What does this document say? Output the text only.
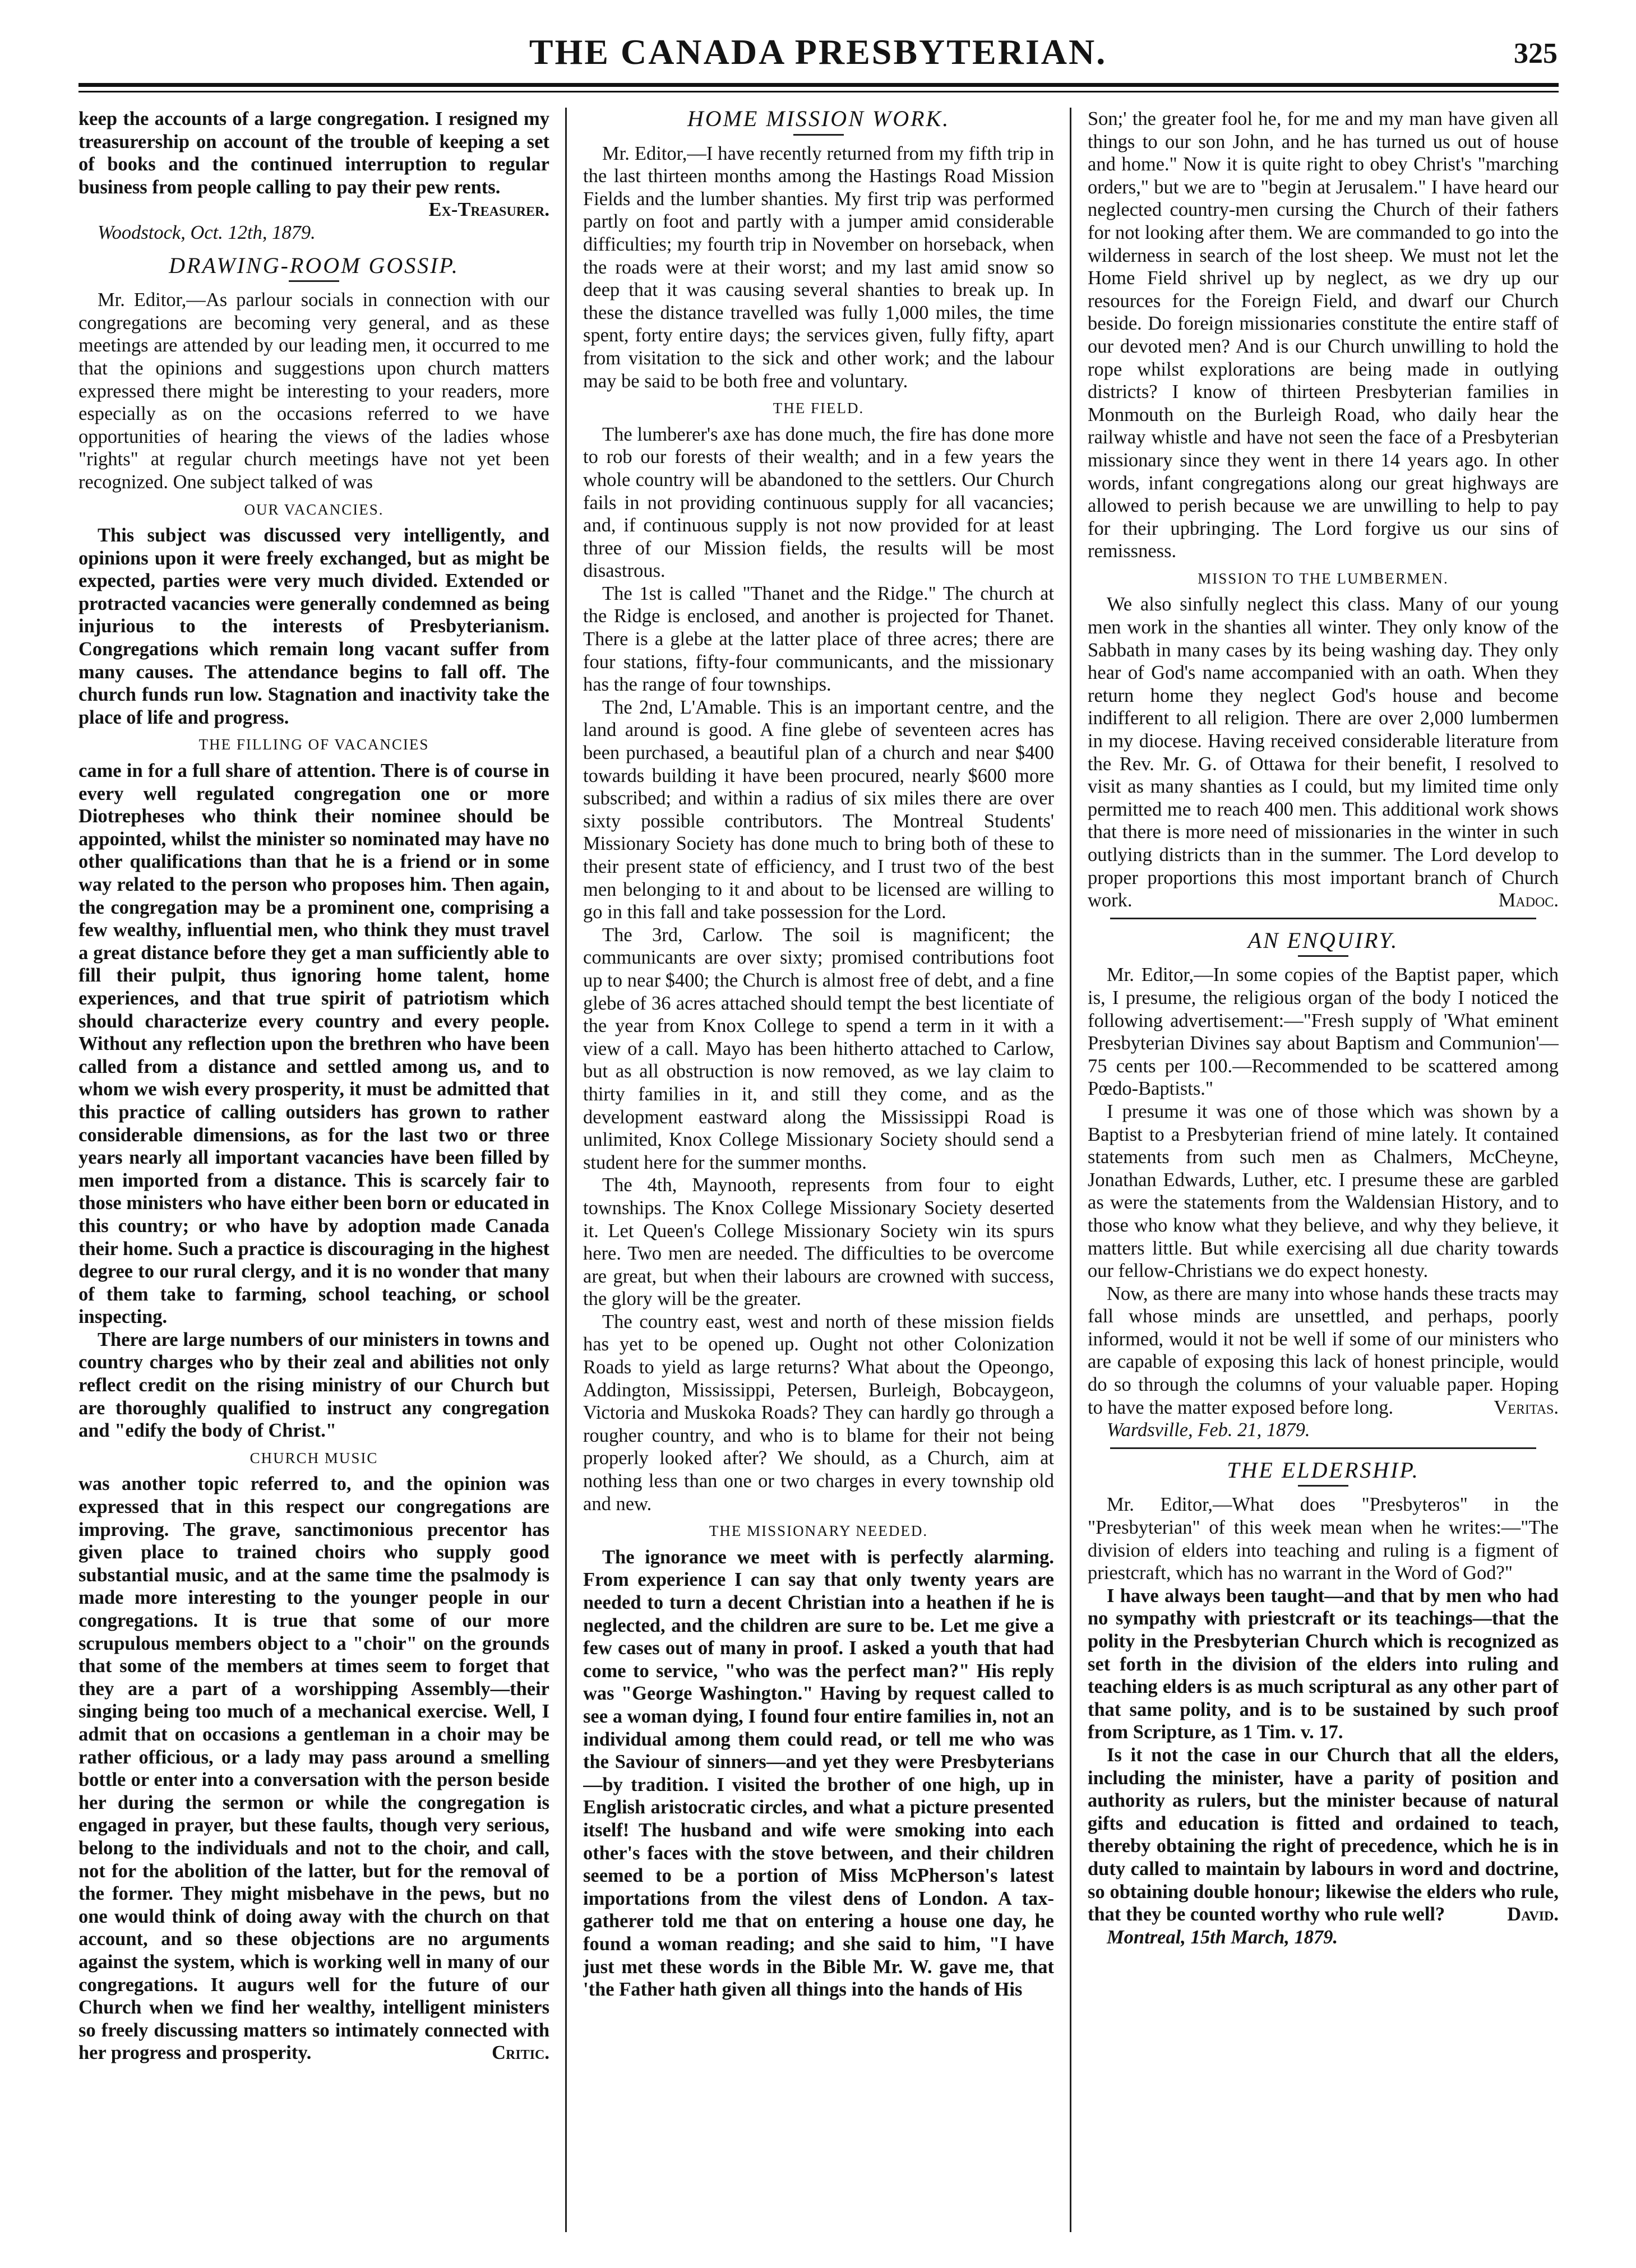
THE CANADA PRESBYTERIAN.	325

keep the accounts of a large congregation. I resigned my treasurership on account of the trouble of keeping a set of books and the continued interruption to regular business from people calling to pay their pew rents.
Ex-Treasurer.

Woodstock, Oct. 12th, 1879.
DRAWING-ROOM GOSSIP.

Mr. Editor,—As parlour socials in connection with our congregations are becoming very general, and as these meetings are attended by our leading men, it occurred to me that the opinions and suggestions upon church matters expressed there might be interesting to your readers, more especially as on the occasions referred to we have opportunities of hearing the views of the ladies whose "rights" at regular church meetings have not yet been recognized. One subject talked of was

OUR VACANCIES.

This subject was discussed very intelligently, and opinions upon it were freely exchanged, but as might be expected, parties were very much divided. Extended or protracted vacancies were generally condemned as being injurious to the interests of Presbyterianism. Congregations which remain long vacant suffer from many causes. The attendance begins to fall off. The church funds run low. Stagnation and inactivity take the place of life and progress.

THE FILLING OF VACANCIES

came in for a full share of attention. There is of course in every well regulated congregation one or more Diotrepheses who think their nominee should be appointed, whilst the minister so nominated may have no other qualifications than that he is a friend or in some way related to the person who proposes him. Then again, the congregation may be a prominent one, comprising a few wealthy, influential men, who think they must travel a great distance before they get a man sufficiently able to fill their pulpit, thus ignoring home talent, home experiences, and that true spirit of patriotism which should characterize every country and every people. Without any reflection upon the brethren who have been called from a distance and settled among us, and to whom we wish every prosperity, it must be admitted that this practice of calling outsiders has grown to rather considerable dimensions, as for the last two or three years nearly all important vacancies have been filled by men imported from a distance. This is scarcely fair to those ministers who have either been born or educated in this country; or who have by adoption made Canada their home. Such a practice is discouraging in the highest degree to our rural clergy, and it is no wonder that many of them take to farming, school teaching, or school inspecting.

There are large numbers of our ministers in towns and country charges who by their zeal and abilities not only reflect credit on the rising ministry of our Church but are thoroughly qualified to instruct any congregation and "edify the body of Christ."

CHURCH MUSIC

was another topic referred to, and the opinion was expressed that in this respect our congregations are improving. The grave, sanctimonious precentor has given place to trained choirs who supply good substantial music, and at the same time the psalmody is made more interesting to the younger people in our congregations. It is true that some of our more scrupulous members object to a "choir" on the grounds that some of the members at times seem to forget that they are a part of a worshipping Assembly—their singing being too much of a mechanical exercise. Well, I admit that on occasions a gentleman in a choir may be rather officious, or a lady may pass around a smelling bottle or enter into a conversation with the person beside her during the sermon or while the congregation is engaged in prayer, but these faults, though very serious, belong to the individuals and not to the choir, and call, not for the abolition of the latter, but for the removal of the former. They might misbehave in the pews, but no one would think of doing away with the church on that account, and so these objections are no arguments against the system, which is working well in many of our congregations. It augurs well for the future of our Church when we find her wealthy, intelligent ministers so freely discussing matters so intimately connected with her progress and prosperity.	Critic.

HOME MISSION WORK.

Mr. Editor,—I have recently returned from my fifth trip in the last thirteen months among the Hastings Road Mission Fields and the lumber shanties. My first trip was performed partly on foot and partly with a jumper amid considerable difficulties; my fourth trip in November on horseback, when the roads were at their worst; and my last amid snow so deep that it was causing several shanties to break up. In these the distance travelled was fully 1,000 miles, the time spent, forty entire days; the services given, fully fifty, apart from visitation to the sick and other work; and the labour may be said to be both free and voluntary.

THE FIELD.

The lumberer's axe has done much, the fire has done more to rob our forests of their wealth; and in a few years the whole country will be abandoned to the settlers. Our Church fails in not providing continuous supply for all vacancies; and, if continuous supply is not now provided for at least three of our Mission fields, the results will be most disastrous.

The 1st is called "Thanet and the Ridge." The church at the Ridge is enclosed, and another is projected for Thanet. There is a glebe at the latter place of three acres; there are four stations, fifty-four communicants, and the missionary has the range of four townships.

The 2nd, L'Amable. This is an important centre, and the land around is good. A fine glebe of seventeen acres has been purchased, a beautiful plan of a church and near $400 towards building it have been procured, nearly $600 more subscribed; and within a radius of six miles there are over sixty possible contributors. The Montreal Students' Missionary Society has done much to bring both of these to their present state of efficiency, and I trust two of the best men belonging to it and about to be licensed are willing to go in this fall and take possession for the Lord.

The 3rd, Carlow. The soil is magnificent; the communicants are over sixty; promised contributions foot up to near $400; the Church is almost free of debt, and a fine glebe of 36 acres attached should tempt the best licentiate of the year from Knox College to spend a term in it with a view of a call. Mayo has been hitherto attached to Carlow, but as all obstruction is now removed, as we lay claim to thirty families in it, and still they come, and as the development eastward along the Mississippi Road is unlimited, Knox College Missionary Society should send a student here for the summer months.

The 4th, Maynooth, represents from four to eight townships. The Knox College Missionary Society deserted it. Let Queen's College Missionary Society win its spurs here. Two men are needed. The difficulties to be overcome are great, but when their labours are crowned with success, the glory will be the greater.

The country east, west and north of these mission fields has yet to be opened up. Ought not other Colonization Roads to yield as large returns? What about the Opeongo, Addington, Mississippi, Petersen, Burleigh, Bobcaygeon, Victoria and Muskoka Roads? They can hardly go through a rougher country, and who is to blame for their not being properly looked after? We should, as a Church, aim at nothing less than one or two charges in every township old and new.

THE MISSIONARY NEEDED.

The ignorance we meet with is perfectly alarming. From experience I can say that only twenty years are needed to turn a decent Christian into a heathen if he is neglected, and the children are sure to be. Let me give a few cases out of many in proof. I asked a youth that had come to service, "who was the perfect man?" His reply was "George Washington." Having by request called to see a woman dying, I found four entire families in, not an individual among them could read, or tell me who was the Saviour of sinners—and yet they were Presbyterians—by tradition. I visited the brother of one high, up in English aristocratic circles, and what a picture presented itself! The husband and wife were smoking into each other's faces with the stove between, and their children seemed to be a portion of Miss McPherson's latest importations from the vilest dens of London. A tax-gatherer told me that on entering a house one day, he found a woman reading; and she said to him, "I have just met these words in the Bible Mr. W. gave me, that 'the Father hath given all things into the hands of His

Son;' the greater fool he, for me and my man have given all things to our son John, and he has turned us out of house and home." Now it is quite right to obey Christ's "marching orders," but we are to "begin at Jerusalem." I have heard our neglected country-men cursing the Church of their fathers for not looking after them. We are commanded to go into the wilderness in search of the lost sheep. We must not let the Home Field shrivel up by neglect, as we dry up our resources for the Foreign Field, and dwarf our Church beside. Do foreign missionaries constitute the entire staff of our devoted men? And is our Church unwilling to hold the rope whilst explorations are being made in outlying districts? I know of thirteen Presbyterian families in Monmouth on the Burleigh Road, who daily hear the railway whistle and have not seen the face of a Presbyterian missionary since they went in there 14 years ago. In other words, infant congregations along our great highways are allowed to perish because we are unwilling to help to pay for their upbringing. The Lord forgive us our sins of remissness.

MISSION TO THE LUMBERMEN.

We also sinfully neglect this class. Many of our young men work in the shanties all winter. They only know of the Sabbath in many cases by its being washing day. They only hear of God's name accompanied with an oath. When they return home they neglect God's house and become indifferent to all religion. There are over 2,000 lumbermen in my diocese. Having received considerable literature from the Rev. Mr. G. of Ottawa for their benefit, I resolved to visit as many shanties as I could, but my limited time only permitted me to reach 400 men. This additional work shows that there is more need of missionaries in the winter in such outlying districts than in the summer. The Lord develop to proper proportions this most important branch of Church work.	Madoc.

AN ENQUIRY.

Mr. Editor,—In some copies of the Baptist paper, which is, I presume, the religious organ of the body I noticed the following advertisement:—"Fresh supply of 'What eminent Presbyterian Divines say about Baptism and Communion'—75 cents per 100.—Recommended to be scattered among Pœdo-Baptists."

I presume it was one of those which was shown by a Baptist to a Presbyterian friend of mine lately. It contained statements from such men as Chalmers, McCheyne, Jonathan Edwards, Luther, etc. I presume these are garbled as were the statements from the Waldensian History, and to those who know what they believe, and why they believe, it matters little. But while exercising all due charity towards our fellow-Christians we do expect honesty.

Now, as there are many into whose hands these tracts may fall whose minds are unsettled, and perhaps, poorly informed, would it not be well if some of our ministers who are capable of exposing this lack of honest principle, would do so through the columns of your valuable paper. Hoping to have the matter exposed before long.	Veritas.

Wardsville, Feb. 21, 1879.
THE ELDERSHIP.

Mr. Editor,—What does "Presbyteros" in the "Presbyterian" of this week mean when he writes:—"The division of elders into teaching and ruling is a figment of priestcraft, which has no warrant in the Word of God?"

I have always been taught—and that by men who had no sympathy with priestcraft or its teachings—that the polity in the Presbyterian Church which is recognized as set forth in the division of the elders into ruling and teaching elders is as much scriptural as any other part of that same polity, and is to be sustained by such proof from Scripture, as 1 Tim. v. 17.

Is it not the case in our Church that all the elders, including the minister, have a parity of position and authority as rulers, but the minister because of natural gifts and education is fitted and ordained to teach, thereby obtaining the right of precedence, which he is in duty called to maintain by labours in word and doctrine, so obtaining double honour; likewise the elders who rule, that they be counted worthy who rule well?	David.

Montreal, 15th March, 1879.
